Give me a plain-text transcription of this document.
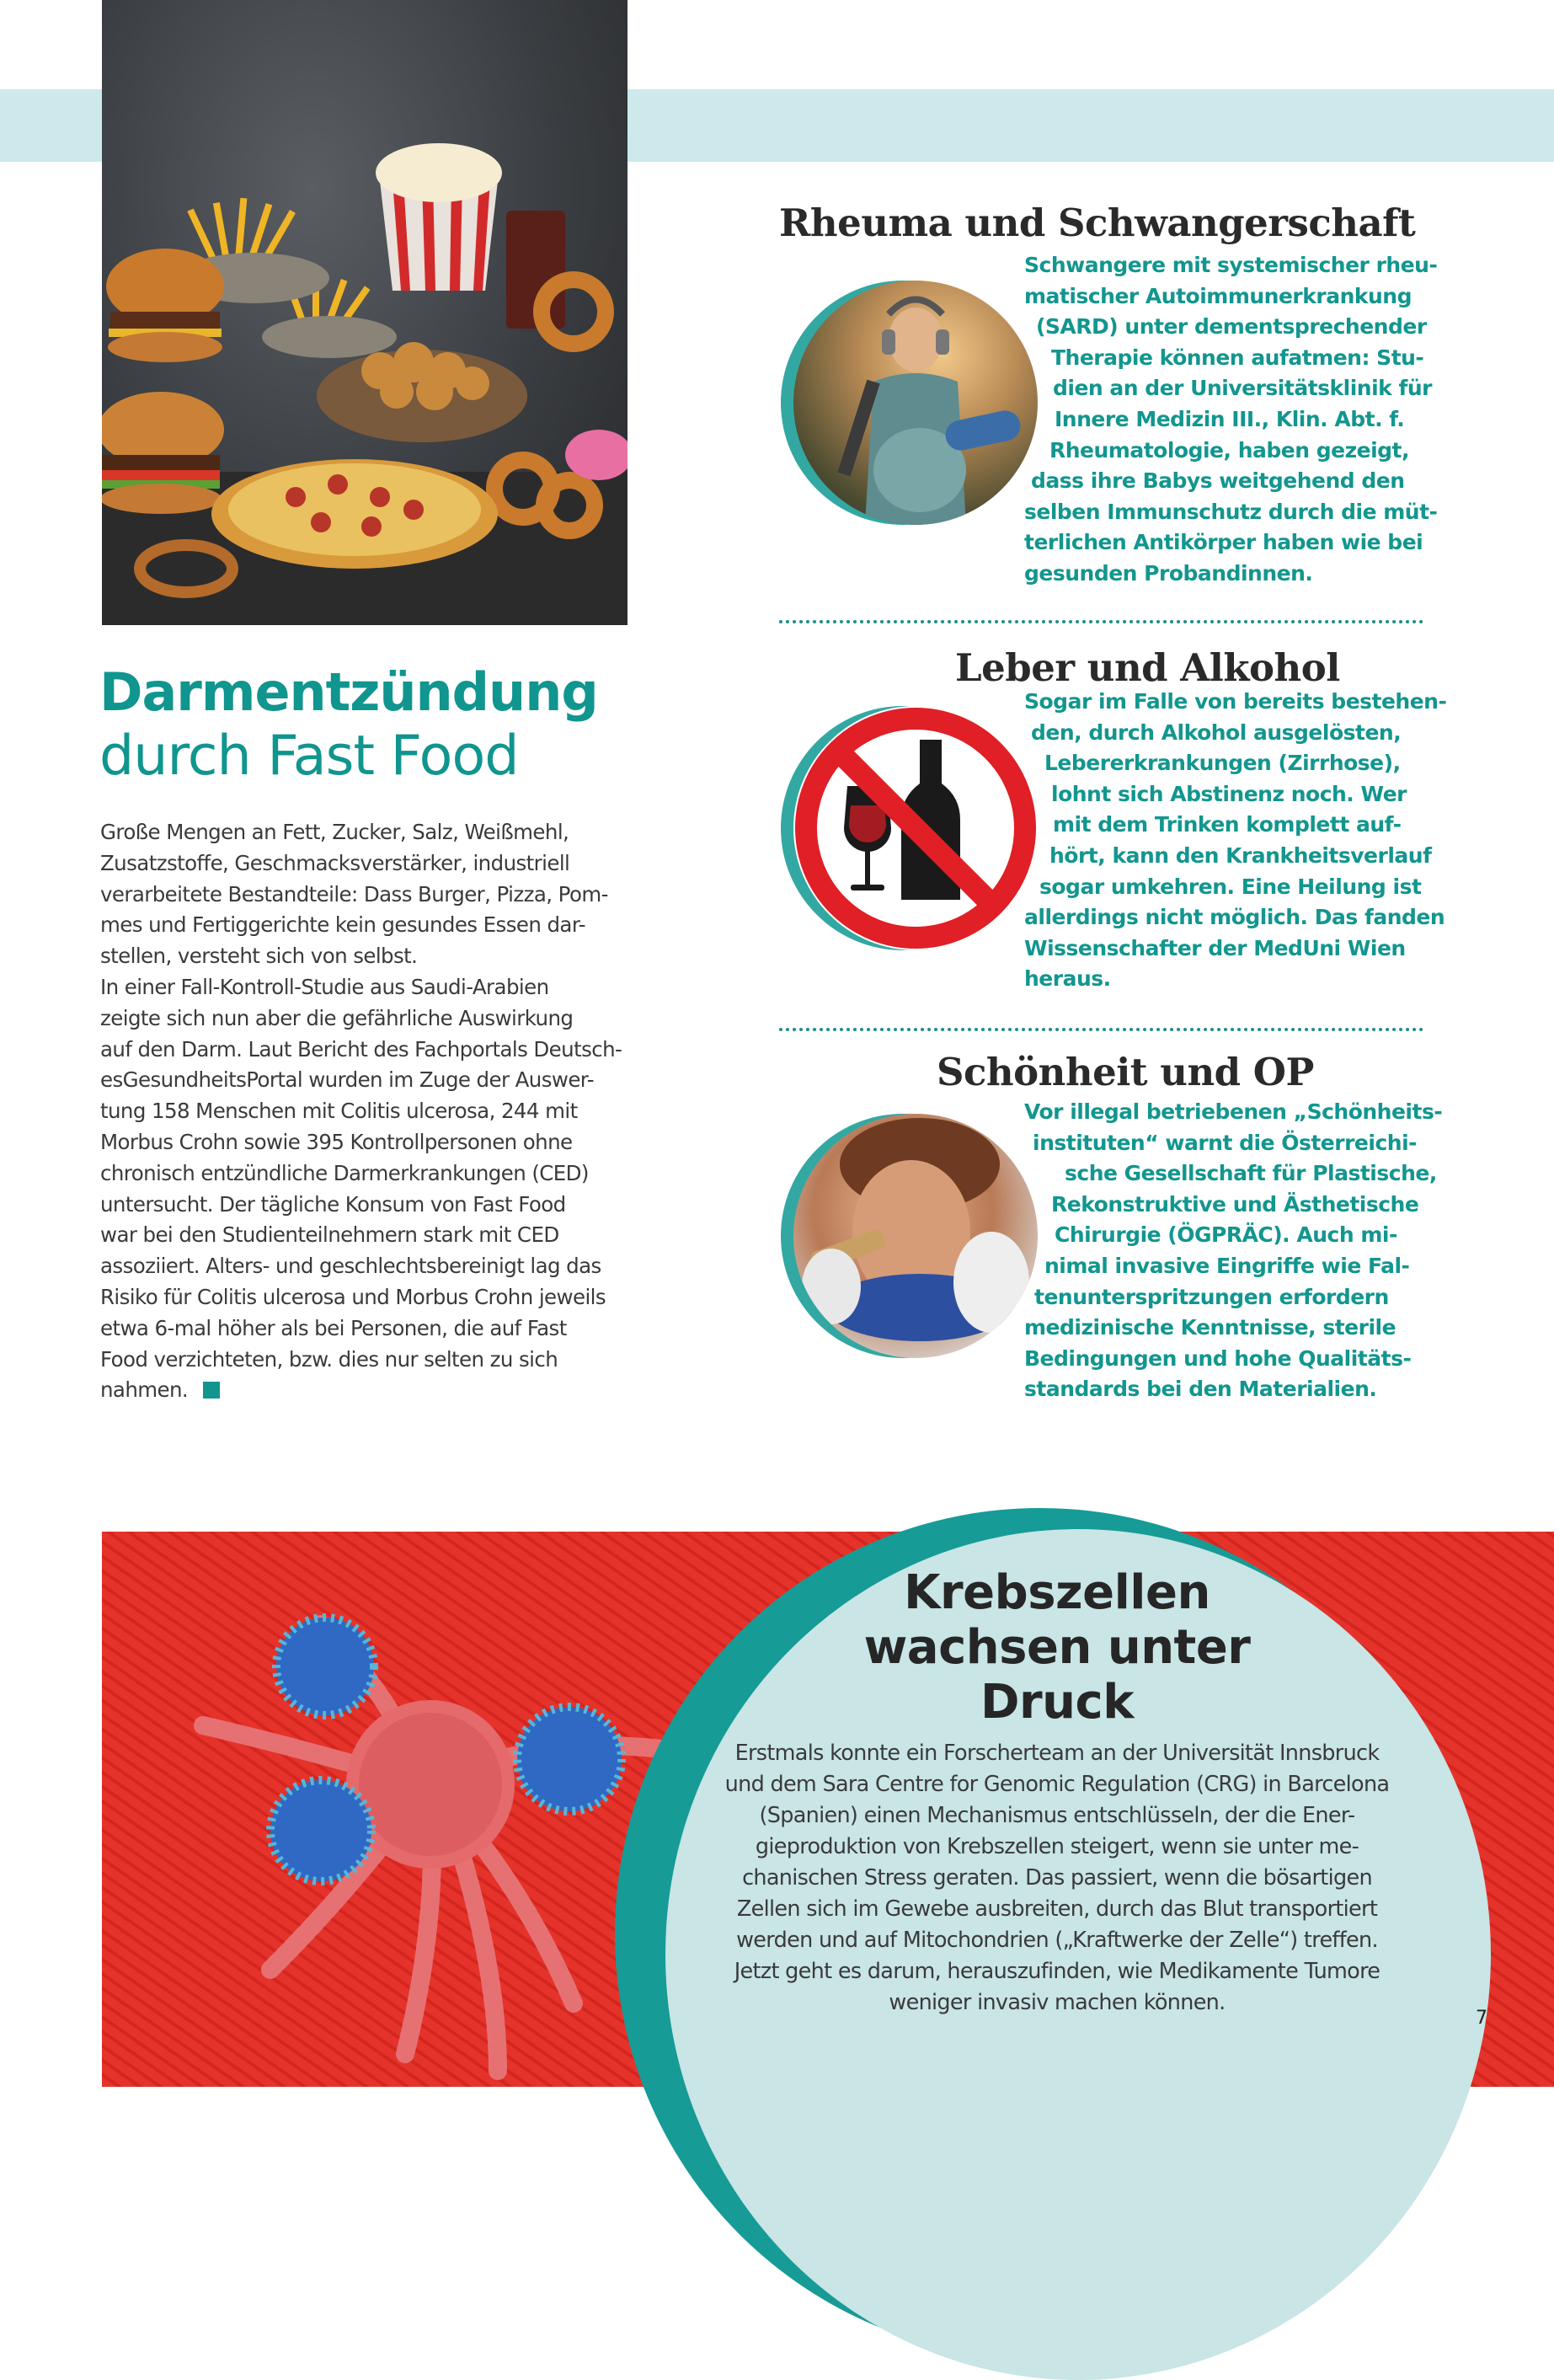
Darmentzündung
durch Fast Food

Große Mengen an Fett, Zucker, Salz, Weißmehl,

Zusatzstoffe, Geschmacksverstärker, industriell

verarbeitete Bestandteile: Dass Burger, Pizza, Pom-

mes und Fertiggerichte kein gesundes Essen dar-

stellen, versteht sich von selbst.

In einer Fall-Kontroll-Studie aus Saudi-Arabien

zeigte sich nun aber die gefährliche Auswirkung

auf den Darm. Laut Bericht des Fachportals Deutsch-

esGesundheitsPortal wurden im Zuge der Auswer-

tung 158 Menschen mit Colitis ulcerosa, 244 mit

Morbus Crohn sowie 395 Kontrollpersonen ohne

chronisch entzündliche Darmerkrankungen (CED)

untersucht. Der tägliche Konsum von Fast Food

war bei den Studienteilnehmern stark mit CED

assoziiert. Alters- und geschlechtsbereinigt lag das

Risiko für Colitis ulcerosa und Morbus Crohn jeweils

etwa 6-mal höher als bei Personen, die auf Fast

Food verzichteten, bzw. dies nur selten zu sich

nahmen.

Rheuma und Schwangerschaft
Schwangere mit systemischer rheu-
matischer Autoimmunerkrankung
(SARD) unter dementsprechender
Therapie können aufatmen: Stu-
dien an der Universitätsklinik für
Innere Medizin III., Klin. Abt. f.
Rheumatologie, haben gezeigt,
dass ihre Babys weitgehend den
selben Immunschutz durch die müt-
terlichen Antikörper haben wie bei
gesunden Probandinnen.
Leber und Alkohol
Sogar im Falle von bereits bestehen-
den, durch Alkohol ausgelösten,
Lebererkrankungen (Zirrhose),
lohnt sich Abstinenz noch. Wer
mit dem Trinken komplett auf-
hört, kann den Krankheitsverlauf
sogar umkehren. Eine Heilung ist
allerdings nicht möglich. Das fanden
Wissenschafter der MedUni Wien
heraus.
Schönheit und OP
Vor illegal betriebenen „Schönheits-
instituten“ warnt die Österreichi-
sche Gesellschaft für Plastische,
Rekonstruktive und Ästhetische
Chirurgie (ÖGPRÄC). Auch mi-
nimal invasive Eingriffe wie Fal-
tenunterspritzungen erfordern
medizinische Kenntnisse, sterile
Bedingungen und hohe Qualitäts-
standards bei den Materialien.
Krebszellen
wachsen unter
Druck
Erstmals konnte ein Forscherteam an der Universität Innsbruck
und dem Sara Centre for Genomic Regulation (CRG) in Barcelona
(Spanien) einen Mechanismus entschlüsseln, der die Ener-
gieproduktion von Krebszellen steigert, wenn sie unter me-
chanischen Stress geraten. Das passiert, wenn die bösartigen
Zellen sich im Gewebe ausbreiten, durch das Blut transportiert
werden und auf Mitochondrien („Kraftwerke der Zelle“) treffen.
Jetzt geht es darum, herauszufinden, wie Medikamente Tumore
weniger invasiv machen können.
7
